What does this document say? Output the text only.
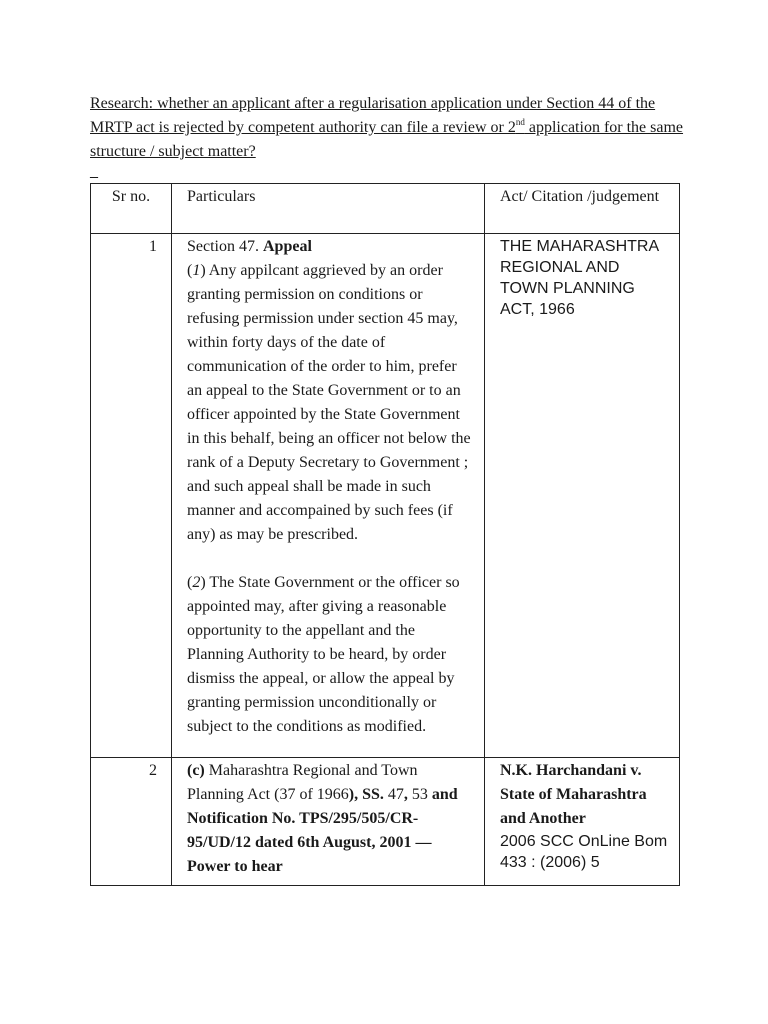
Research: whether an applicant after a regularisation application under Section 44 of the MRTP act is rejected by competent authority can file a review or 2nd application for the same structure / subject matter?
_
Sr no.	Particulars	Act/ Citation /judgement
1	Section 47. Appeal

(1) Any appilcant aggrieved by an order granting permission on conditions or refusing permission under section 45 may, within forty days of the date of communication of the order to him, prefer an appeal to the State Government or to an officer appointed by the State Government in this behalf, being an officer not below the rank of a Deputy Secretary to Government ; and such appeal shall be made in such manner and accompained by such fees (if any) as may be prescribed.

(2) The State Government or the officer so appointed may, after giving a reasonable opportunity to the appellant and the Planning Authority to be heard, by order dismiss the appeal, or allow the appeal by granting permission unconditionally or subject to the conditions as modified.	THE MAHARASHTRA REGIONAL AND TOWN PLANNING ACT, 1966
2	(c) Maharashtra Regional and Town Planning Act (37 of 1966), SS. 47, 53 and Notification No. TPS/295/505/CR-95/UD/12 dated 6th August, 2001 — Power to hear	N.K. Harchandani v. State of Maharashtra and Another
2006 SCC OnLine Bom 433 : (2006) 5
